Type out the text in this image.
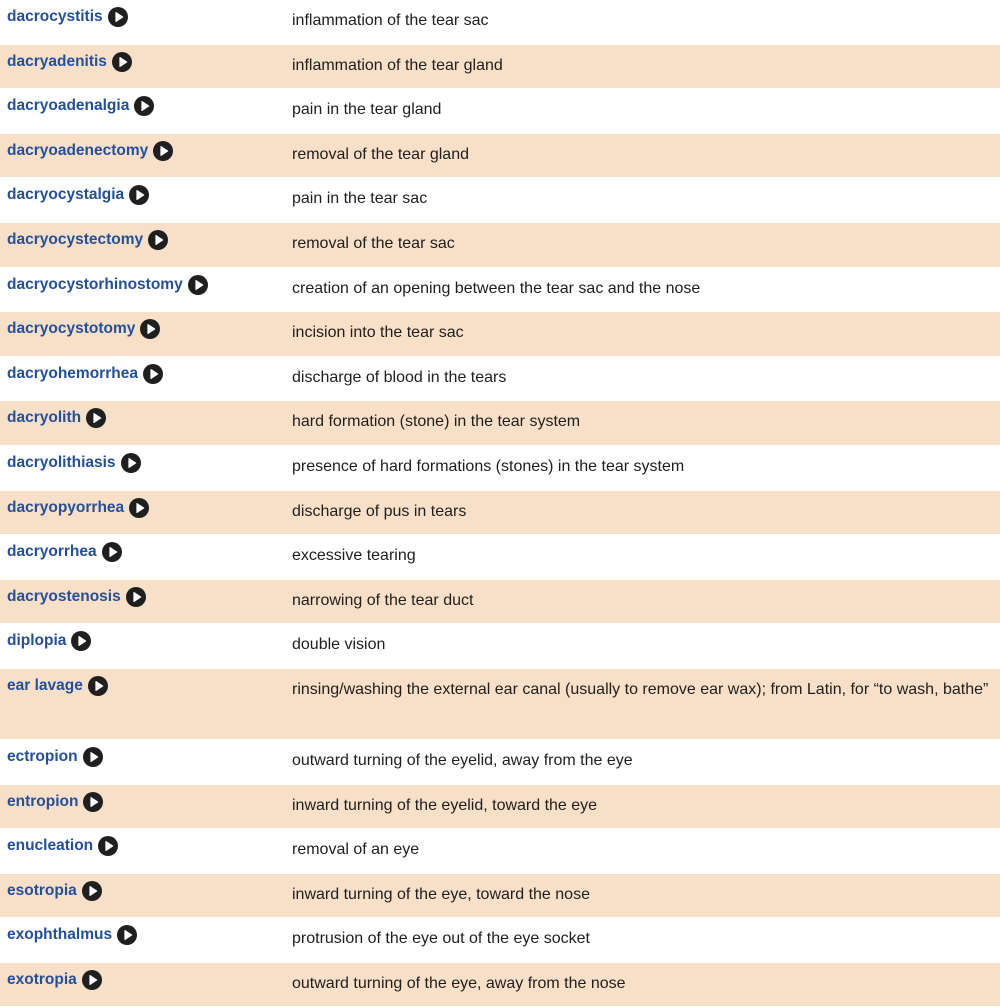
dacrocystitis	inflammation of the tear sac

dacryadenitis	inflammation of the tear gland

dacryoadenalgia	pain in the tear gland

dacryoadenectomy	removal of the tear gland

dacryocystalgia	pain in the tear sac

dacryocystectomy	removal of the tear sac

dacryocystorhinostomy	creation of an opening between the tear sac and the nose

dacryocystotomy	incision into the tear sac

dacryohemorrhea	discharge of blood in the tears

dacryolith	hard formation (stone) in the tear system

dacryolithiasis	presence of hard formations (stones) in the tear system

dacryopyorrhea	discharge of pus in tears

dacryorrhea	excessive tearing

dacryostenosis	narrowing of the tear duct

diplopia	double vision

ear lavage	rinsing/washing the external ear canal (usually to remove ear wax); from Latin, for “to wash, bathe”

ectropion	outward turning of the eyelid, away from the eye

entropion	inward turning of the eyelid, toward the eye

enucleation	removal of an eye

esotropia	inward turning of the eye, toward the nose

exophthalmus	protrusion of the eye out of the eye socket

exotropia	outward turning of the eye, away from the nose
